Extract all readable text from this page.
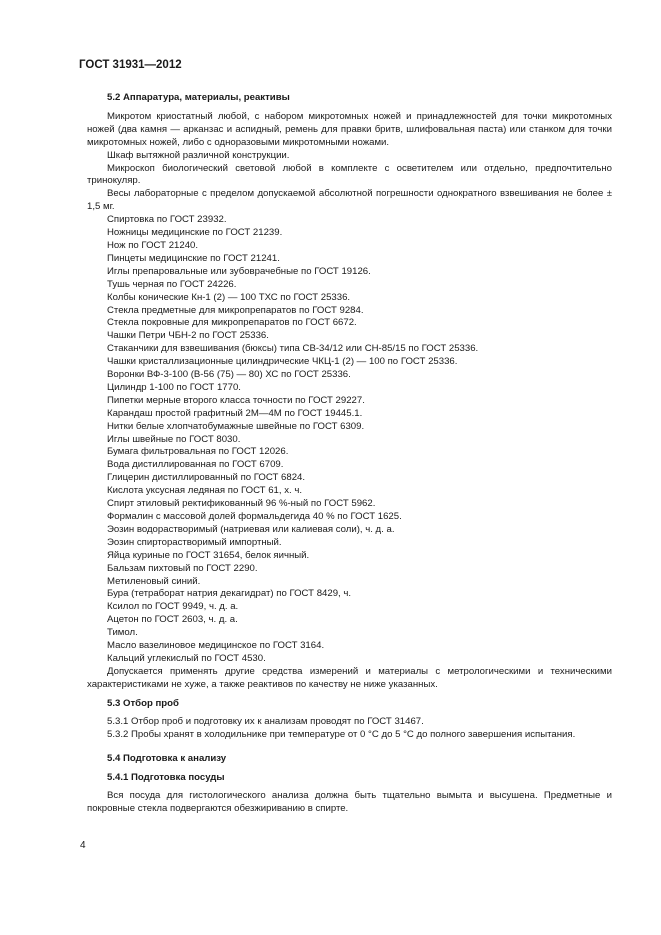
ГОСТ 31931—2012
5.2 Аппаратура, материалы, реактивы
Микротом криостатный любой, с набором микротомных ножей и принадлежностей для точки микротомных ножей (два камня — арканзас и аспидный, ремень для правки бритв, шлифовальная паста) или станком для точки микротомных ножей, либо с одноразовыми микротомными ножами.
Шкаф вытяжной различной конструкции.
Микроскоп биологический световой любой в комплекте с осветителем или отдельно, предпочтительно тринокуляр.
Весы лабораторные с пределом допускаемой абсолютной погрешности однократного взвешивания не более ± 1,5 мг.
Спиртовка по ГОСТ 23932.
Ножницы медицинские по ГОСТ 21239.
Нож по ГОСТ 21240.
Пинцеты медицинские по ГОСТ 21241.
Иглы препаровальные или зубоврачебные по ГОСТ 19126.
Тушь черная по ГОСТ 24226.
Колбы конические Кн-1 (2) — 100 ТХС по ГОСТ 25336.
Стекла предметные для микропрепаратов по ГОСТ 9284.
Стекла покровные для микропрепаратов по ГОСТ 6672.
Чашки Петри ЧБН-2 по ГОСТ 25336.
Стаканчики для взвешивания (бюксы) типа СВ-34/12 или СН-85/15 по ГОСТ 25336.
Чашки кристаллизационные цилиндрические ЧКЦ-1 (2) — 100 по ГОСТ 25336.
Воронки ВФ-3-100 (В-56 (75) — 80) ХС по ГОСТ 25336.
Цилиндр 1-100 по ГОСТ 1770.
Пипетки мерные второго класса точности по ГОСТ 29227.
Карандаш простой графитный 2М—4М по ГОСТ 19445.1.
Нитки белые хлопчатобумажные швейные по ГОСТ 6309.
Иглы швейные по ГОСТ 8030.
Бумага фильтровальная по ГОСТ 12026.
Вода дистиллированная по ГОСТ 6709.
Глицерин дистиллированный по ГОСТ 6824.
Кислота уксусная ледяная по ГОСТ 61, х. ч.
Спирт этиловый ректификованный 96 %-ный по ГОСТ 5962.
Формалин с массовой долей формальдегида 40 % по ГОСТ 1625.
Эозин водорастворимый (натриевая или калиевая соли), ч. д. а.
Эозин спирторастворимый импортный.
Яйца куриные по ГОСТ 31654, белок яичный.
Бальзам пихтовый по ГОСТ 2290.
Метиленовый синий.
Бура (тетраборат натрия декагидрат) по ГОСТ 8429, ч.
Ксилол по ГОСТ 9949, ч. д. а.
Ацетон по ГОСТ 2603, ч. д. а.
Тимол.
Масло вазелиновое медицинское по ГОСТ 3164.
Кальций углекислый по ГОСТ 4530.
Допускается применять другие средства измерений и материалы с метрологическими и техническими характеристиками не хуже, а также реактивов по качеству не ниже указанных.
5.3 Отбор проб
5.3.1 Отбор проб и подготовку их к анализам проводят по ГОСТ 31467.
5.3.2 Пробы хранят в холодильнике при температуре от 0 °С до 5 °С до полного завершения испытания.
5.4 Подготовка к анализу
5.4.1 Подготовка посуды
Вся посуда для гистологического анализа должна быть тщательно вымыта и высушена. Предметные и покровные стекла подвергаются обезжириванию в спирте.
4
